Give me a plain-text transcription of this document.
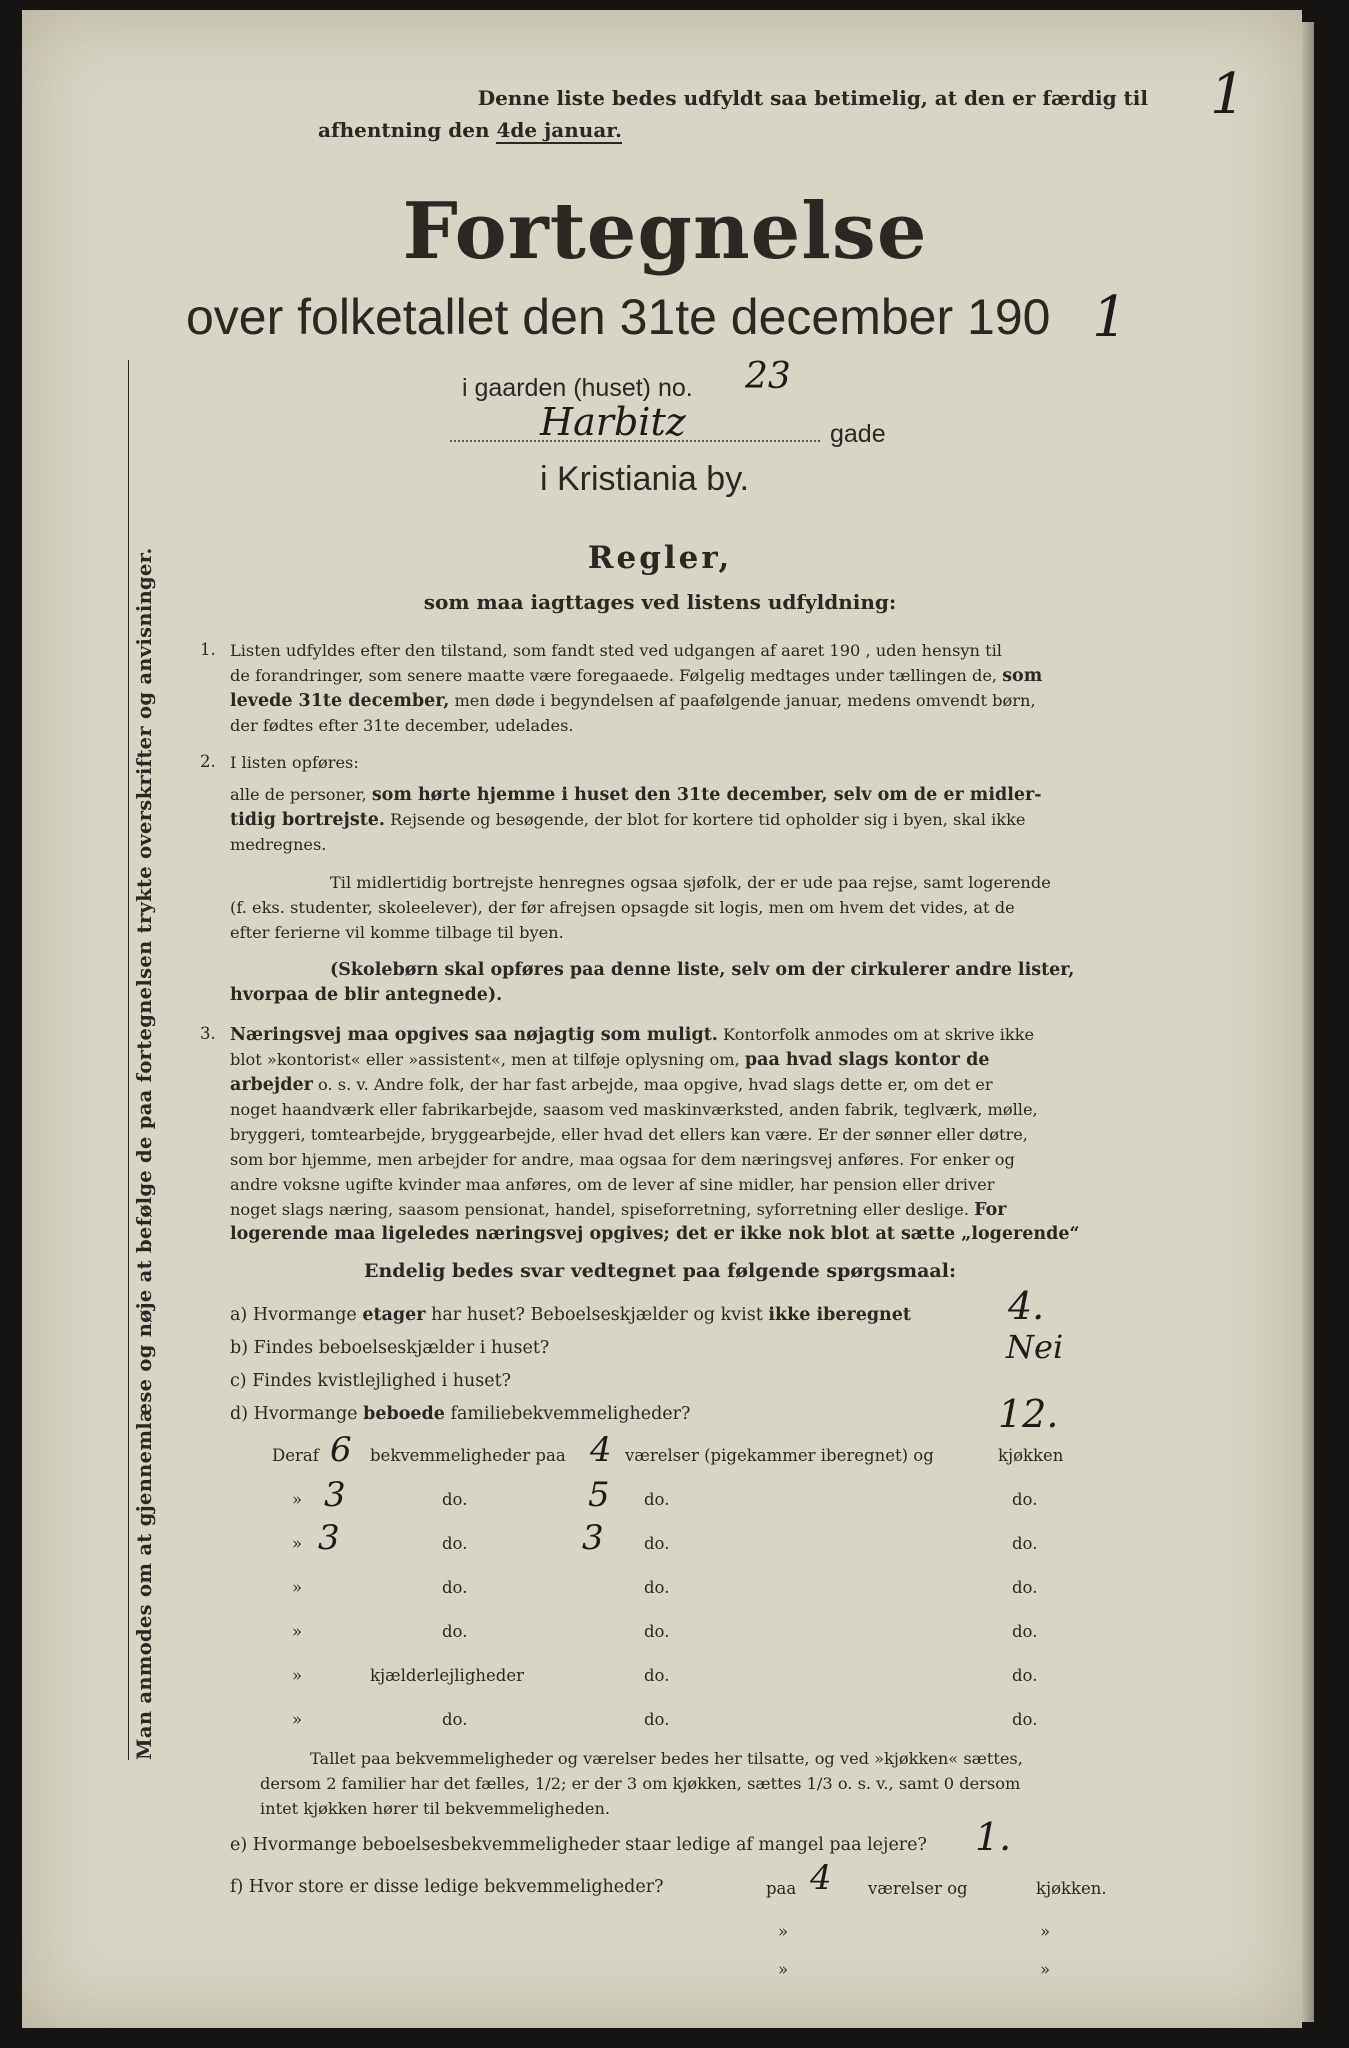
1
Man anmodes om at gjennemlæse og nøje at befølge de paa fortegnelsen trykte overskrifter og anvisninger.
Denne liste bedes udfyldt saa betimelig, at den er færdig til
afhentning den 4de januar.
Fortegnelse
over folketallet den 31te december 190 1
i gaarden (huset) no. 23
Harbitz	gade
i Kristiania by.
Regler,
som maa iagttages ved listens udfyldning:
1. Listen udfyldes efter den tilstand, som fandt sted ved udgangen af aaret 190 , uden hensyn til
de forandringer, som senere maatte være foregaaede. Følgelig medtages under tællingen de, som
levede 31te december, men døde i begyndelsen af paafølgende januar, medens omvendt børn,
der fødtes efter 31te december, udelades.
2. I listen opføres:
alle de personer, som hørte hjemme i huset den 31te december, selv om de er midler-
tidig bortrejste. Rejsende og besøgende, der blot for kortere tid opholder sig i byen, skal ikke
medregnes.
Til midlertidig bortrejste henregnes ogsaa sjøfolk, der er ude paa rejse, samt logerende
(f. eks. studenter, skoleelever), der før afrejsen opsagde sit logis, men om hvem det vides, at de
efter ferierne vil komme tilbage til byen.
(Skolebørn skal opføres paa denne liste, selv om der cirkulerer andre lister,
hvorpaa de blir antegnede).
3. Næringsvej maa opgives saa nøjagtig som muligt. Kontorfolk anmodes om at skrive ikke
blot »kontorist« eller »assistent«, men at tilføje oplysning om, paa hvad slags kontor de
arbejder o. s. v. Andre folk, der har fast arbejde, maa opgive, hvad slags dette er, om det er
noget haandværk eller fabrikarbejde, saasom ved maskinværksted, anden fabrik, teglværk, mølle,
bryggeri, tomtearbejde, bryggearbejde, eller hvad det ellers kan være. Er der sønner eller døtre,
som bor hjemme, men arbejder for andre, maa ogsaa for dem næringsvej anføres. For enker og
andre voksne ugifte kvinder maa anføres, om de lever af sine midler, har pension eller driver
noget slags næring, saasom pensionat, handel, spiseforretning, syforretning eller deslige. For
logerende maa ligeledes næringsvej opgives; det er ikke nok blot at sætte „logerende“
Endelig bedes svar vedtegnet paa følgende spørgsmaal:
a) Hvormange etager har huset? Beboelseskjælder og kvist ikke iberegnet	4.
b) Findes beboelseskjælder i huset?	Nei
c) Findes kvistlejlighed i huset?
d) Hvormange beboede familiebekvemmeligheder?	12.
Deraf 6 bekvemmeligheder paa 4 værelser (pigekammer iberegnet) og	kjøkken
» 3	do.	5 do.	do.
» 3	do.	3 do.	do.
»	do.	do.	do.
»	do.	do.	do.
»	kjælderlejligheder	do.	do.
»	do.	do.	do.
Tallet paa bekvemmeligheder og værelser bedes her tilsatte, og ved »kjøkken« sættes,
dersom 2 familier har det fælles, 1/2; er der 3 om kjøkken, sættes 1/3 o. s. v., samt 0 dersom
intet kjøkken hører til bekvemmeligheden.
e) Hvormange beboelsesbekvemmeligheder staar ledige af mangel paa lejere? 1.
f) Hvor store er disse ledige bekvemmeligheder?	paa 4 værelser og	kjøkken.
»	»
»	»
